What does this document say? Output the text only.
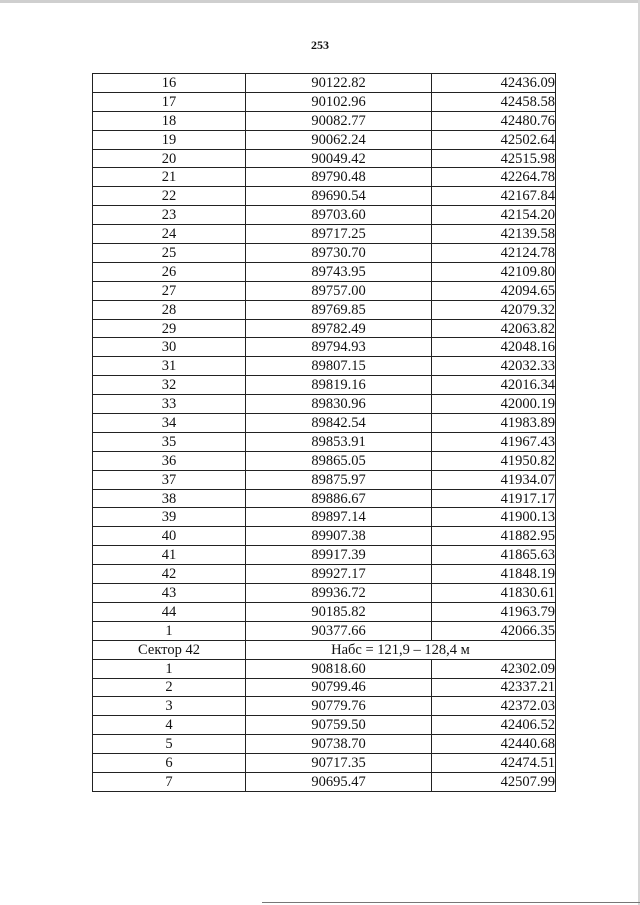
253
16	90122.82	42436.09
17	90102.96	42458.58
18	90082.77	42480.76
19	90062.24	42502.64
20	90049.42	42515.98
21	89790.48	42264.78
22	89690.54	42167.84
23	89703.60	42154.20
24	89717.25	42139.58
25	89730.70	42124.78
26	89743.95	42109.80
27	89757.00	42094.65
28	89769.85	42079.32
29	89782.49	42063.82
30	89794.93	42048.16
31	89807.15	42032.33
32	89819.16	42016.34
33	89830.96	42000.19
34	89842.54	41983.89
35	89853.91	41967.43
36	89865.05	41950.82
37	89875.97	41934.07
38	89886.67	41917.17
39	89897.14	41900.13
40	89907.38	41882.95
41	89917.39	41865.63
42	89927.17	41848.19
43	89936.72	41830.61
44	90185.82	41963.79
1	90377.66	42066.35
Сектор 42	Набс = 121,9 – 128,4 м	
1	90818.60	42302.09
2	90799.46	42337.21
3	90779.76	42372.03
4	90759.50	42406.52
5	90738.70	42440.68
6	90717.35	42474.51
7	90695.47	42507.99
